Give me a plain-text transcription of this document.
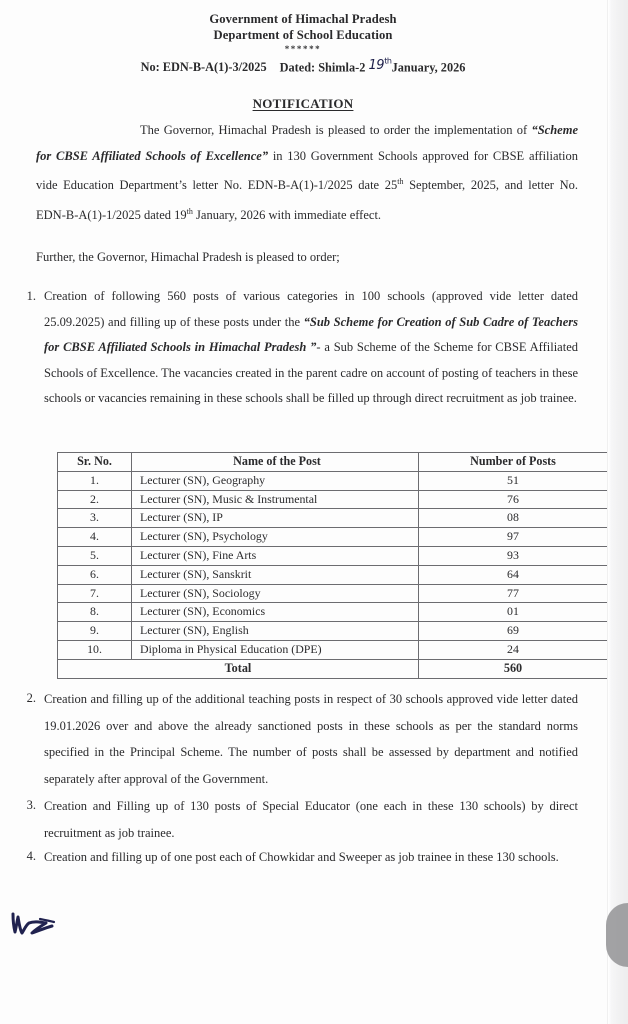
Government of Himachal Pradesh
Department of School Education
******
No: EDN-B-A(1)-3/2025 Dated: Shimla-2 19thJanuary, 2026
NOTIFICATION

The Governor, Himachal Pradesh is pleased to order the implementation of “Scheme for CBSE Affiliated Schools of Excellence” in 130 Government Schools approved for CBSE affiliation vide Education Department’s letter No. EDN-B-A(1)-1/2025 date 25th September, 2025, and letter No. EDN-B-A(1)-1/2025 dated 19th January, 2026 with immediate effect.

Further, the Governor, Himachal Pradesh is pleased to order;

1. Creation of following 560 posts of various categories in 100 schools (approved vide letter dated 25.09.2025) and filling up of these posts under the “Sub Scheme for Creation of Sub Cadre of Teachers for CBSE Affiliated Schools in Himachal Pradesh ”- a Sub Scheme of the Scheme for CBSE Affiliated Schools of Excellence. The vacancies created in the parent cadre on account of posting of teachers in these schools or vacancies remaining in these schools shall be filled up through direct recruitment as job trainee.
Sr. No.	Name of the Post	Number of Posts
1.	Lecturer (SN), Geography	51
2.	Lecturer (SN), Music & Instrumental	76
3.	Lecturer (SN), IP	08
4.	Lecturer (SN), Psychology	97
5.	Lecturer (SN), Fine Arts	93
6.	Lecturer (SN), Sanskrit	64
7.	Lecturer (SN), Sociology	77
8.	Lecturer (SN), Economics	01
9.	Lecturer (SN), English	69
10.	Diploma in Physical Education (DPE)	24
Total		560
2. Creation and filling up of the additional teaching posts in respect of 30 schools approved vide letter dated 19.01.2026 over and above the already sanctioned posts in these schools as per the standard norms specified in the Principal Scheme. The number of posts shall be assessed by department and notified separately after approval of the Government.
3. Creation and Filling up of 130 posts of Special Educator (one each in these 130 schools) by direct recruitment as job trainee.
4. Creation and filling up of one post each of Chowkidar and Sweeper as job trainee in these 130 schools.
